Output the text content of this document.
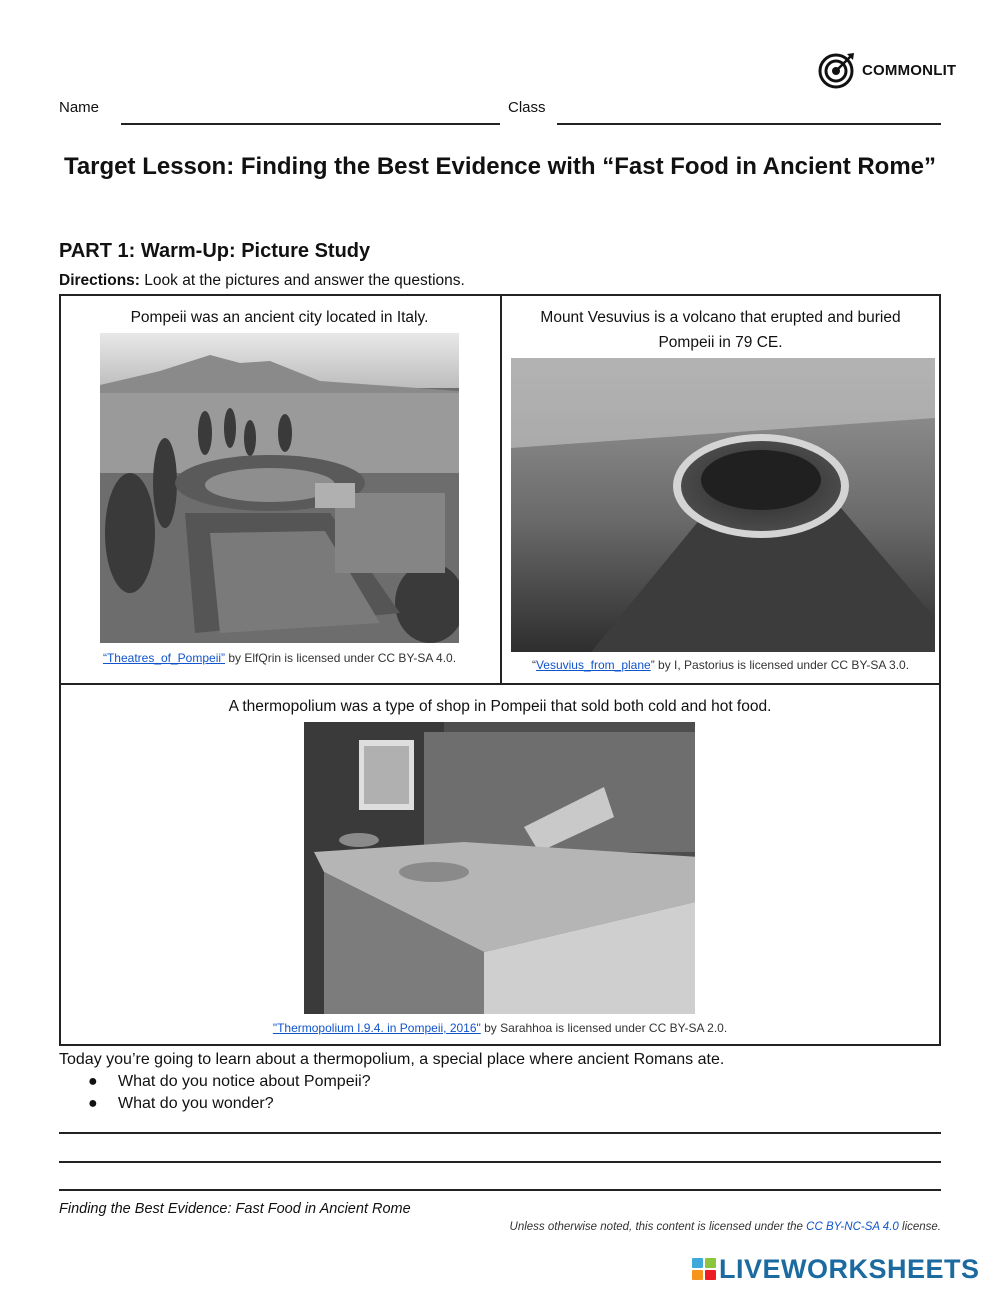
COMMONLIT
Name	Class
Target Lesson: Finding the Best Evidence with “Fast Food in Ancient Rome”
PART 1: Warm-Up: Picture Study
Directions: Look at the pictures and answer the questions.
Pompeii was an ancient city located in Italy.
“Theatres_of_Pompeii” by ElfQrin is licensed under CC BY-SA 4.0.
Mount Vesuvius is a volcano that erupted and buried
Pompeii in 79 CE.
“Vesuvius_from_plane” by I, Pastorius is licensed under CC BY-SA 3.0.
A thermopolium was a type of shop in Pompeii that sold both cold and hot food.
"Thermopolium I.9.4. in Pompeii, 2016" by Sarahhoa is licensed under CC BY-SA 2.0.
Today you’re going to learn about a thermopolium, a special place where ancient Romans ate.
● What do you notice about Pompeii?
● What do you wonder?
Finding the Best Evidence: Fast Food in Ancient Rome
Unless otherwise noted, this content is licensed under the CC BY-NC-SA 4.0 license.
LIVEWORKSHEETS
